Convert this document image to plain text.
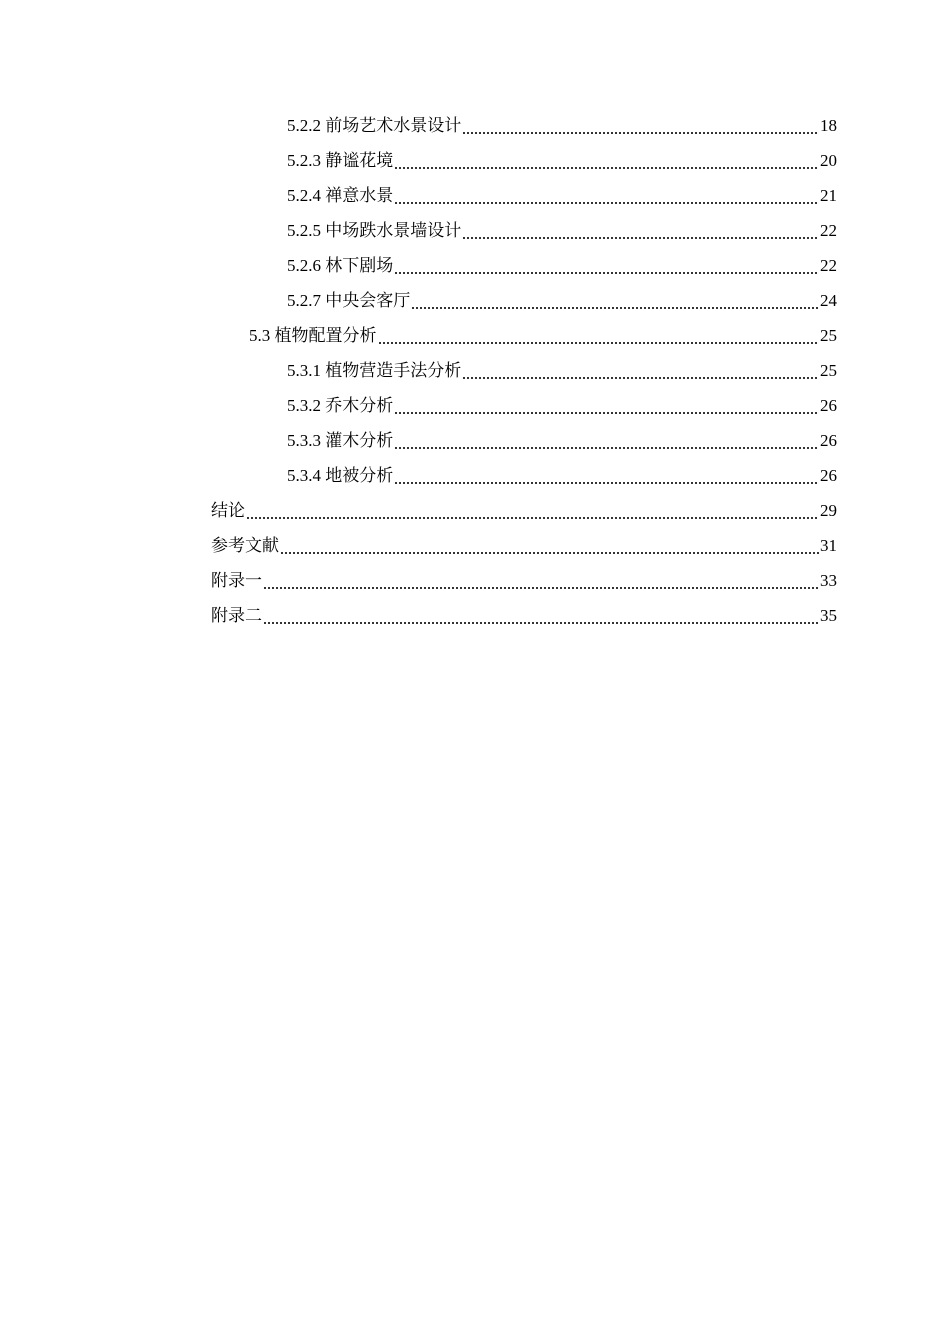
5.2.2 前场艺术水景设计	18
5.2.3 静谧花境	20
5.2.4 禅意水景	21
5.2.5 中场跌水景墙设计	22
5.2.6 林下剧场	22
5.2.7 中央会客厅	24
5.3 植物配置分析	25
5.3.1 植物营造手法分析	25
5.3.2 乔木分析	26
5.3.3 灌木分析	26
5.3.4 地被分析	26
结论	29
参考文献	31
附录一	33
附录二	35
